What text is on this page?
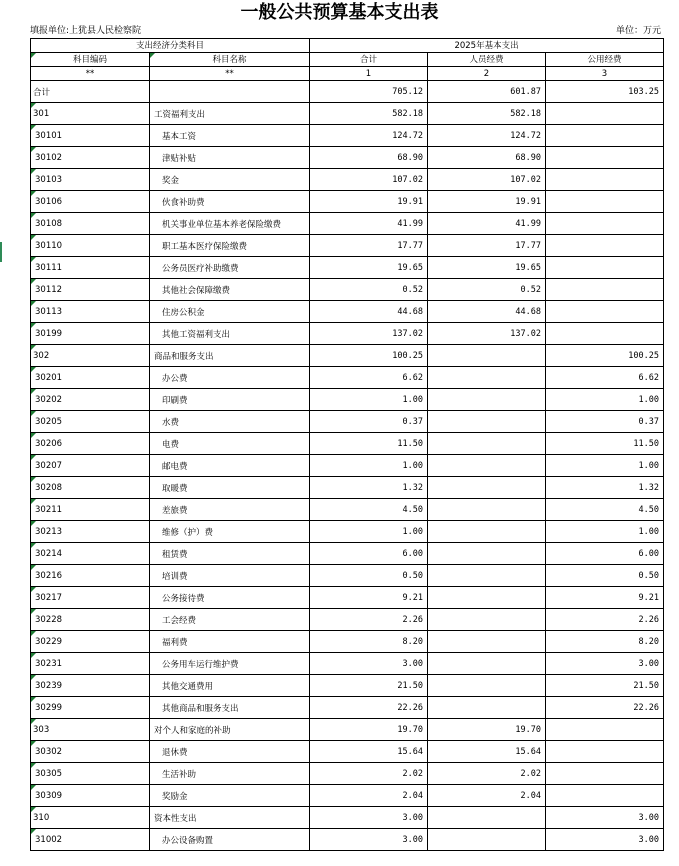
一般公共预算基本支出表
填报单位:上犹县人民检察院	单位：万元
支出经济分类科目		2025年基本支出		
科目编码	科目名称	合计	人员经费	公用经费
**	**	1	2	3
合计		705.12	601.87	103.25
301	工资福利支出	582.18	582.18	
30101	基本工资	124.72	124.72	
30102	津贴补贴	68.90	68.90	
30103	奖金	107.02	107.02	
30106	伙食补助费	19.91	19.91	
30108	机关事业单位基本养老保险缴费	41.99	41.99	
30110	职工基本医疗保险缴费	17.77	17.77	
30111	公务员医疗补助缴费	19.65	19.65	
30112	其他社会保障缴费	0.52	0.52	
30113	住房公积金	44.68	44.68	
30199	其他工资福利支出	137.02	137.02	
302	商品和服务支出	100.25		100.25
30201	办公费	6.62		6.62
30202	印刷费	1.00		1.00
30205	水费	0.37		0.37
30206	电费	11.50		11.50
30207	邮电费	1.00		1.00
30208	取暖费	1.32		1.32
30211	差旅费	4.50		4.50
30213	维修（护）费	1.00		1.00
30214	租赁费	6.00		6.00
30216	培训费	0.50		0.50
30217	公务接待费	9.21		9.21
30228	工会经费	2.26		2.26
30229	福利费	8.20		8.20
30231	公务用车运行维护费	3.00		3.00
30239	其他交通费用	21.50		21.50
30299	其他商品和服务支出	22.26		22.26
303	对个人和家庭的补助	19.70	19.70	
30302	退休费	15.64	15.64	
30305	生活补助	2.02	2.02	
30309	奖励金	2.04	2.04	
310	资本性支出	3.00		3.00
31002	办公设备购置	3.00		3.00
